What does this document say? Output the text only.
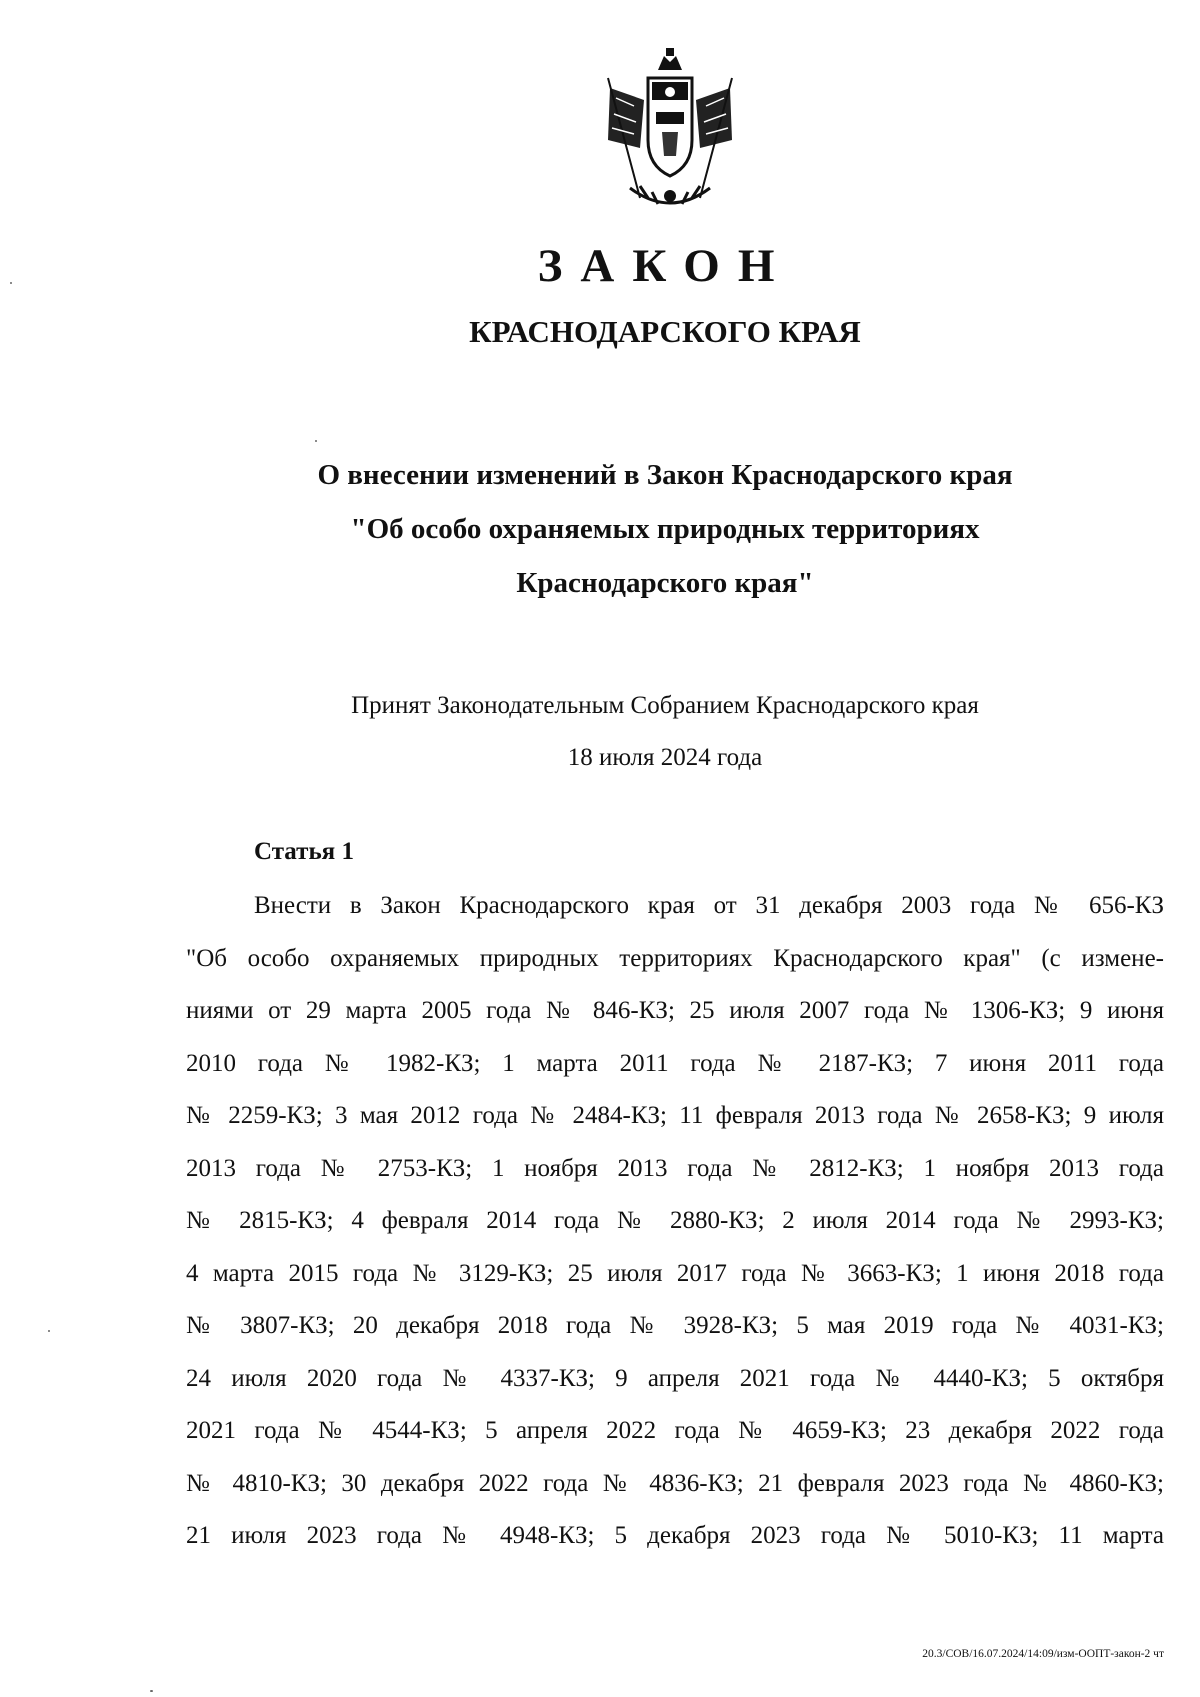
ЗАКОН
КРАСНОДАРСКОГО КРАЯ
О внесении изменений в Закон Краснодарского края
"Об особо охраняемых природных территориях
Краснодарского края"
Принят Законодательным Собранием Краснодарского края
18 июля 2024 года
Статья 1
Внести в Закон Краснодарского края от 31 декабря 2003 года № 656-КЗ
"Об особо охраняемых природных территориях Краснодарского края" (с измене-
ниями от 29 марта 2005 года № 846-КЗ; 25 июля 2007 года № 1306-КЗ; 9 июня
2010 года № 1982-КЗ; 1 марта 2011 года № 2187-КЗ; 7 июня 2011 года
№ 2259-КЗ; 3 мая 2012 года № 2484-КЗ; 11 февраля 2013 года № 2658-КЗ; 9 июля
2013 года № 2753-КЗ; 1 ноября 2013 года № 2812-КЗ; 1 ноября 2013 года
№ 2815-КЗ; 4 февраля 2014 года № 2880-КЗ; 2 июля 2014 года № 2993-КЗ;
4 марта 2015 года № 3129-КЗ; 25 июля 2017 года № 3663-КЗ; 1 июня 2018 года
№ 3807-КЗ; 20 декабря 2018 года № 3928-КЗ; 5 мая 2019 года № 4031-КЗ;
24 июля 2020 года № 4337-КЗ; 9 апреля 2021 года № 4440-КЗ; 5 октября
2021 года № 4544-КЗ; 5 апреля 2022 года № 4659-КЗ; 23 декабря 2022 года
№ 4810-КЗ; 30 декабря 2022 года № 4836-КЗ; 21 февраля 2023 года № 4860-КЗ;
21 июля 2023 года № 4948-КЗ; 5 декабря 2023 года № 5010-КЗ; 11 марта
20.3/СОВ/16.07.2024/14:09/изм-ООПТ-закон-2 чт
